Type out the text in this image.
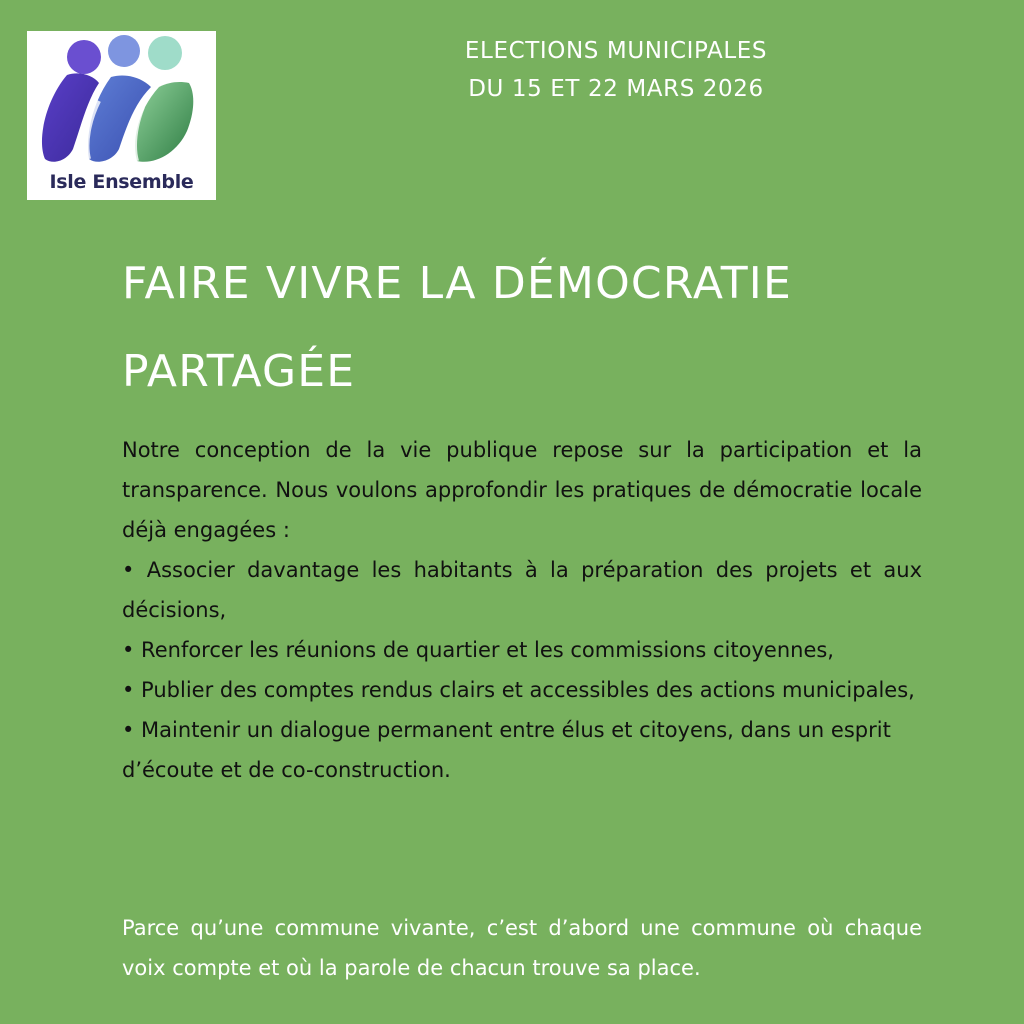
Isle Ensemble
ELECTIONS MUNICIPALES
DU 15 ET 22 MARS 2026
FAIRE VIVRE LA DÉMOCRATIE
PARTAGÉE

Notre conception de la vie publique repose sur la participation et la transparence. Nous voulons approfondir les pratiques de démocratie locale déjà engagées :

• Associer davantage les habitants à la préparation des projets et aux décisions,

• Renforcer les réunions de quartier et les commissions citoyennes,

• Publier des comptes rendus clairs et accessibles des actions municipales,

• Maintenir un dialogue permanent entre élus et citoyens, dans un esprit d’écoute et de co-construction.

Parce qu’une commune vivante, c’est d’abord une commune où chaque voix compte et où la parole de chacun trouve sa place.
